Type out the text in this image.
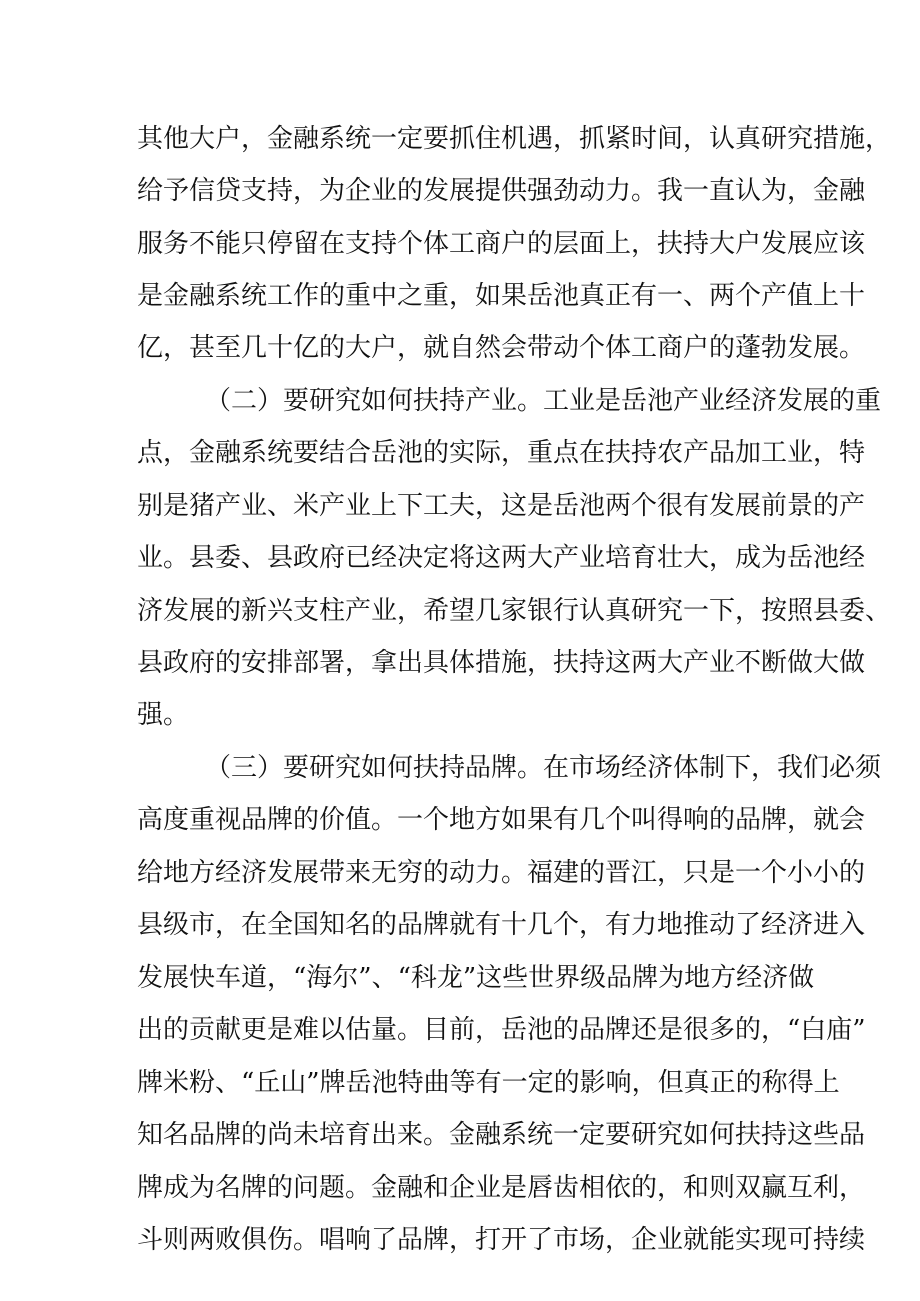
其他大户，金融系统一定要抓住机遇，抓紧时间，认真研究措施，
给予信贷支持，为企业的发展提供强劲动力。我一直认为，金融
服务不能只停留在支持个体工商户的层面上，扶持大户发展应该
是金融系统工作的重中之重，如果岳池真正有一、两个产值上十
亿，甚至几十亿的大户，就自然会带动个体工商户的蓬勃发展。
（二）要研究如何扶持产业。工业是岳池产业经济发展的重
点，金融系统要结合岳池的实际，重点在扶持农产品加工业，特
别是猪产业、米产业上下工夫，这是岳池两个很有发展前景的产
业。县委、县政府已经决定将这两大产业培育壮大，成为岳池经
济发展的新兴支柱产业，希望几家银行认真研究一下，按照县委、
县政府的安排部署，拿出具体措施，扶持这两大产业不断做大做
强。
（三）要研究如何扶持品牌。在市场经济体制下，我们必须
高度重视品牌的价值。一个地方如果有几个叫得响的品牌，就会
给地方经济发展带来无穷的动力。福建的晋江，只是一个小小的
县级市，在全国知名的品牌就有十几个，有力地推动了经济进入
发展快车道，“海尔”、“科龙”这些世界级品牌为地方经济做
出的贡献更是难以估量。目前，岳池的品牌还是很多的，“白庙”
牌米粉、“丘山”牌岳池特曲等有一定的影响，但真正的称得上
知名品牌的尚未培育出来。金融系统一定要研究如何扶持这些品
牌成为名牌的问题。金融和企业是唇齿相依的，和则双赢互利，
斗则两败俱伤。唱响了品牌，打开了市场，企业就能实现可持续
